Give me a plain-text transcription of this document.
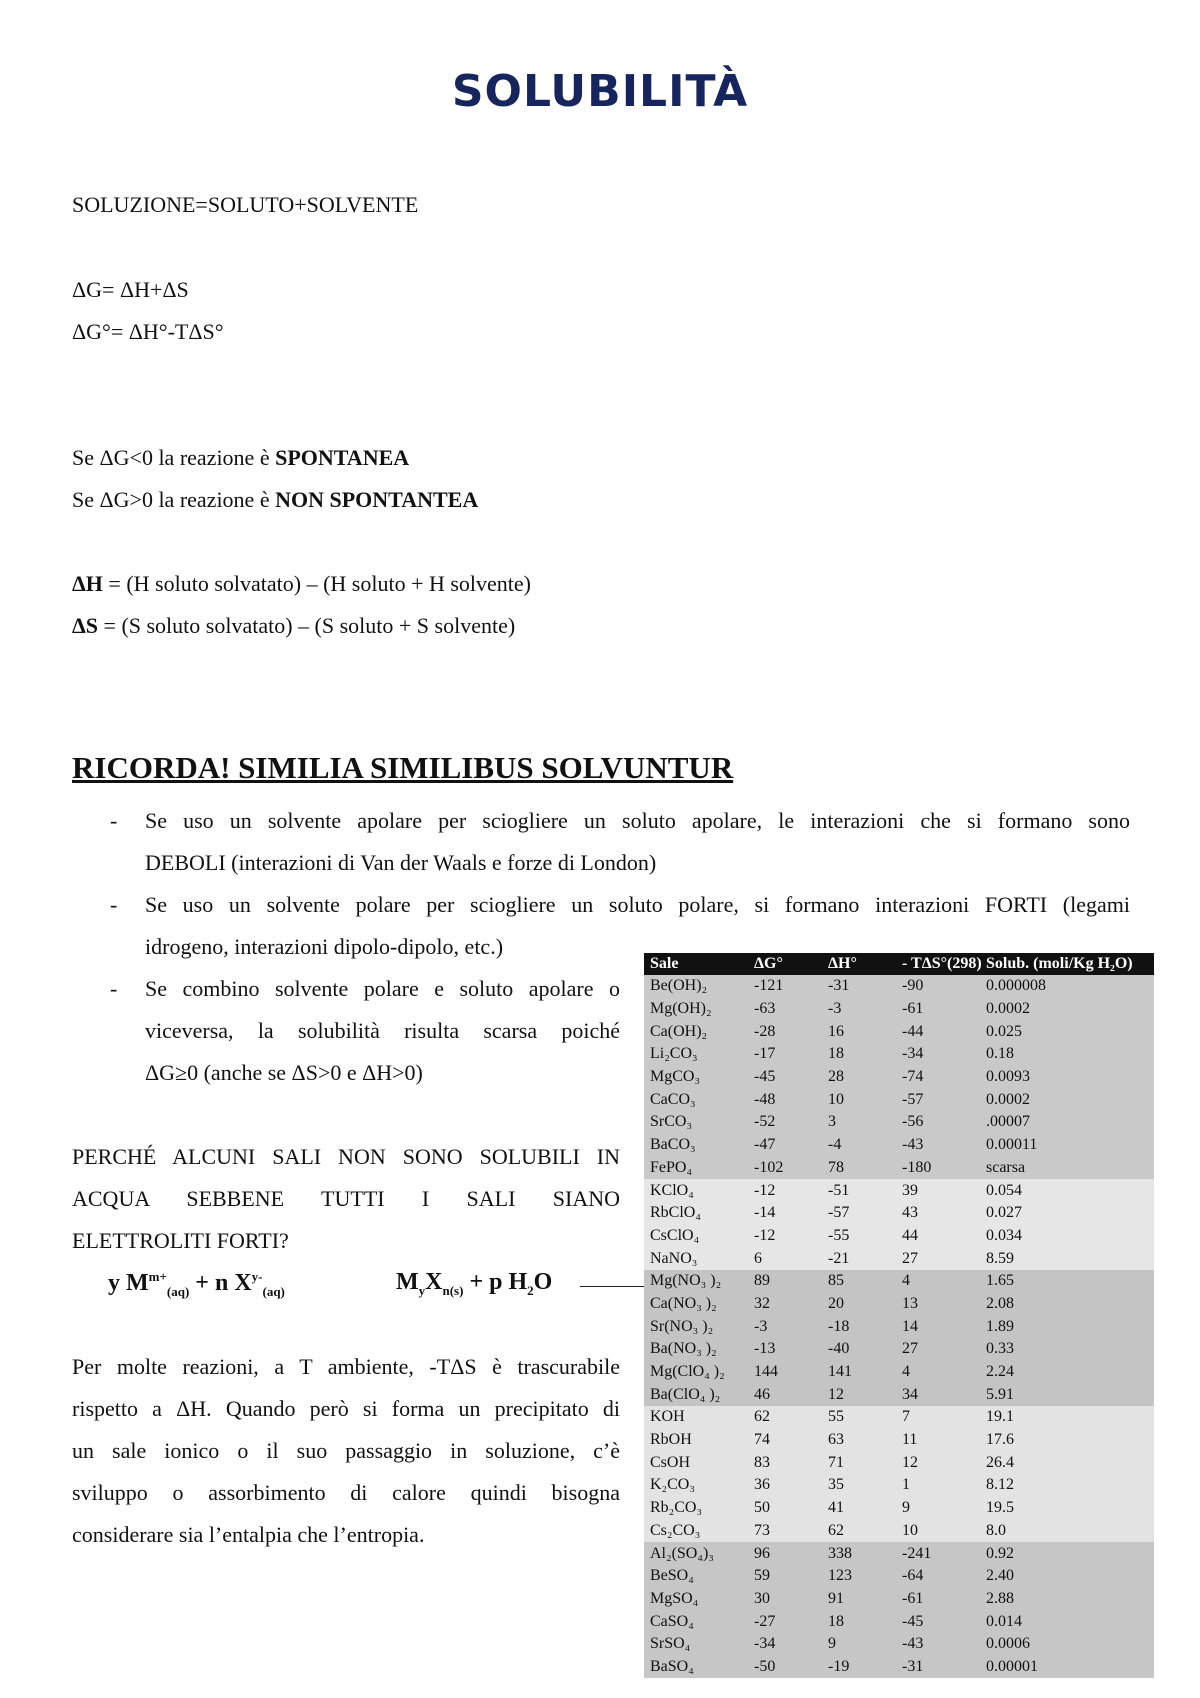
SOLUBILITÀ
SOLUZIONE=SOLUTO+SOLVENTE
ΔG= ΔH+ΔS
ΔG°= ΔH°-TΔS°
Se ΔG<0 la reazione è SPONTANEA
Se ΔG>0 la reazione è NON SPONTANTEA
ΔH = (H soluto solvatato) – (H soluto + H solvente)
ΔS = (S soluto solvatato) – (S soluto + S solvente)
RICORDA! SIMILIA SIMILIBUS SOLVUNTUR
- Se uso un solvente apolare per sciogliere un soluto apolare, le interazioni che si formano sono
DEBOLI (interazioni di Van der Waals e forze di London)
- Se uso un solvente polare per sciogliere un soluto polare, si formano interazioni FORTI (legami
idrogeno, interazioni dipolo-dipolo, etc.)
- Se combino solvente polare e soluto apolare o
viceversa, la solubilità risulta scarsa poiché
ΔG≥0 (anche se ΔS>0 e ΔH>0)
PERCHÉ ALCUNI SALI NON SONO SOLUBILI IN
ACQUA SEBBENE TUTTI I SALI SIANO
ELETTROLITI FORTI?
y $M^{m+}_{(aq)} + n$ $X^{y-}_{(aq)}$	$M_yX_{n(s)} + p$ $H_2O$
Per molte reazioni, a T ambiente, -TΔS è trascurabile
rispetto a ΔH. Quando però si forma un precipitato di
un sale ionico o il suo passaggio in soluzione, c’è
sviluppo o assorbimento di calore quindi bisogna
considerare sia l’entalpia che l’entropia.
Sale	ΔG°	ΔH°	- TΔS°(298)	Solub. (moli/Kg H₂O)
Be(OH)₂	-121	-31	-90	0.000008
Mg(OH)₂	-63	-3	-61	0.0002
Ca(OH)₂	-28	16	-44	0.025
Li₂CO₃	-17	18	-34	0.18
MgCO₃	-45	28	-74	0.0093
CaCO₃	-48	10	-57	0.0002
SrCO₃	-52	3	-56	.00007
BaCO₃	-47	-4	-43	0.00011
FePO₄	-102	78	-180	scarsa
KClO₄	-12	-51	39	0.054
RbClO₄	-14	-57	43	0.027
CsClO₄	-12	-55	44	0.034
NaNO₃	6	-21	27	8.59
Mg(NO₃ )₂	89	85	4	1.65
Ca(NO₃ )₂	32	20	13	2.08
Sr(NO₃ )₂	-3	-18	14	1.89
Ba(NO₃ )₂	-13	-40	27	0.33
Mg(ClO₄ )₂	144	141	4	2.24
Ba(ClO₄ )₂	46	12	34	5.91
KOH	62	55	7	19.1
RbOH	74	63	11	17.6
CsOH	83	71	12	26.4
K₂CO₃	36	35	1	8.12
Rb₂CO₃	50	41	9	19.5
Cs₂CO₃	73	62	10	8.0
Al₂(SO₄)₃	96	338	-241	0.92
BeSO₄	59	123	-64	2.40
MgSO₄	30	91	-61	2.88
CaSO₄	-27	18	-45	0.014
SrSO₄	-34	9	-43	0.0006
BaSO₄	-50	-19	-31	0.00001
